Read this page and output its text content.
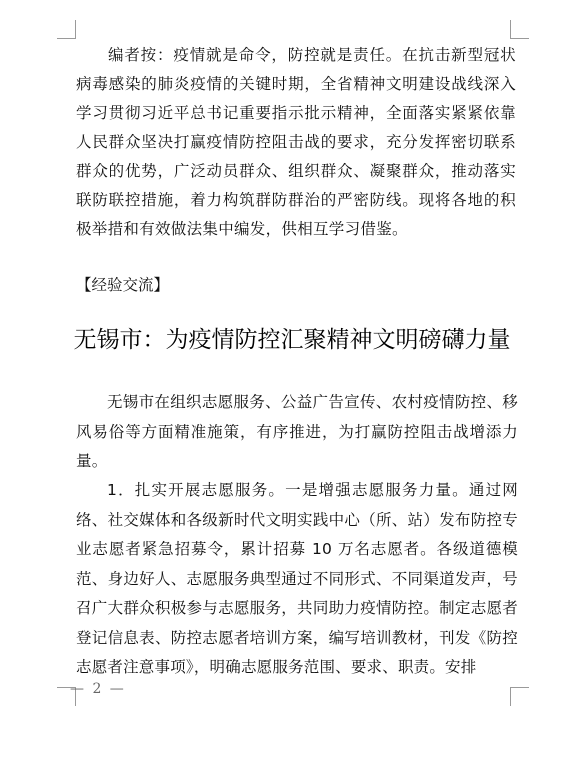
编者按：疫情就是命令，防控就是责任。在抗击新型冠状病毒感染的肺炎疫情的关键时期，全省精神文明建设战线深入学习贯彻习近平总书记重要指示批示精神，全面落实紧紧依靠人民群众坚决打赢疫情防控阻击战的要求，充分发挥密切联系群众的优势，广泛动员群众、组织群众、凝聚群众，推动落实联防联控措施，着力构筑群防群治的严密防线。现将各地的积极举措和有效做法集中编发，供相互学习借鉴。

【经验交流】

无锡市：为疫情防控汇聚精神文明磅礴力量

无锡市在组织志愿服务、公益广告宣传、农村疫情防控、移风易俗等方面精准施策，有序推进，为打赢防控阻击战增添力量。

1．扎实开展志愿服务。一是增强志愿服务力量。通过网络、社交媒体和各级新时代文明实践中心（所、站）发布防控专业志愿者紧急招募令，累计招募 10 万名志愿者。各级道德模范、身边好人、志愿服务典型通过不同形式、不同渠道发声，号召广大群众积极参与志愿服务，共同助力疫情防控。制定志愿者登记信息表、防控志愿者培训方案，编写培训教材，刊发《防控志愿者注意事项》，明确志愿服务范围、要求、职责。安排

— 2 —
